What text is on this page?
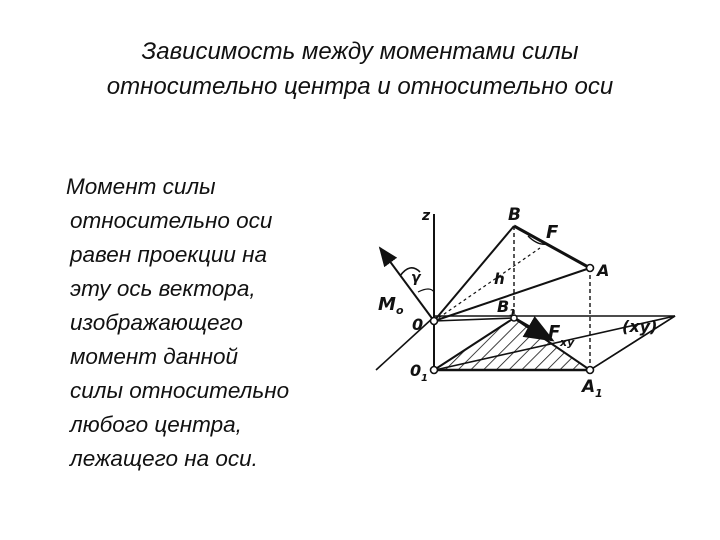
Зависимость между моментами силы
относительно центра и относительно оси
Момент силы
относительно оси
равен проекции на
эту ось вектора,
изображающего
момент данной
силы относительно
любого центра,
лежащего на оси.
z	B
F
A
h
γ
M o
0
B 1
F xy
(xy)
0 1	A 1
